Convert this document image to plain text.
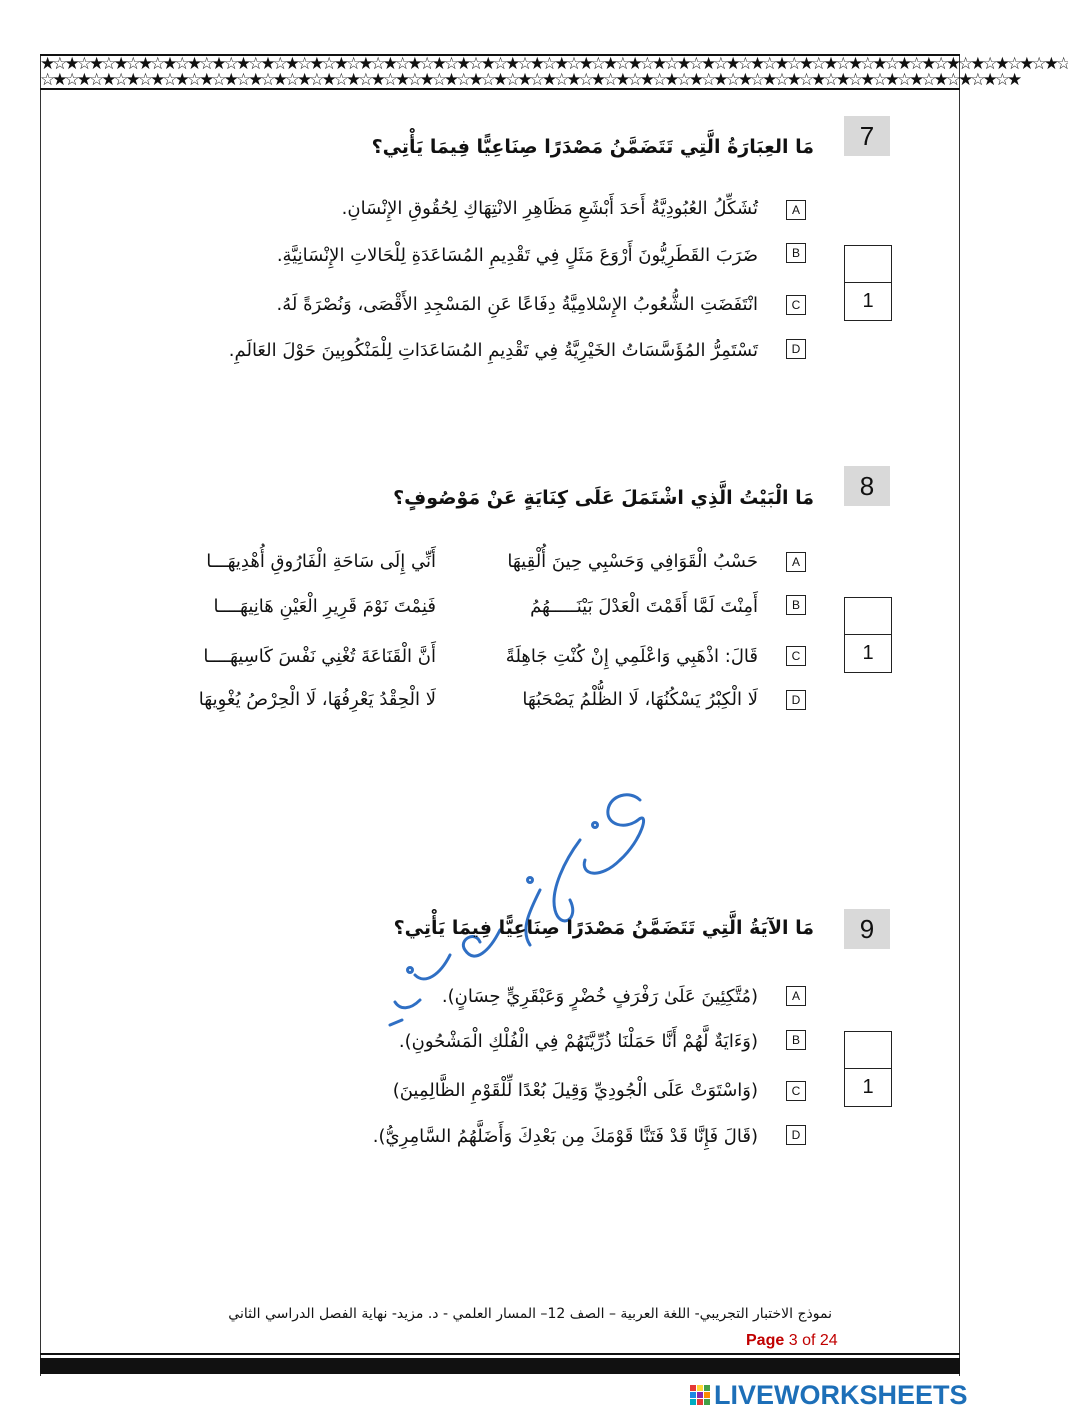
★☆★☆★☆★☆★☆★☆★☆★☆★☆★☆★☆★☆★☆★☆★☆★☆★☆★☆★☆★☆★☆★☆★☆★☆★☆★☆★☆★☆★☆★☆★☆★☆★☆★☆★☆★☆★☆★☆★☆★☆★☆★☆
☆★☆★☆★☆★☆★☆★☆★☆★☆★☆★☆★☆★☆★☆★☆★☆★☆★☆★☆★☆★☆★☆★☆★☆★☆★☆★☆★☆★☆★☆★☆★☆★☆★☆★☆★☆★☆★☆★☆★☆★
7
مَا العِبَارَةُ الَّتِي تَتَضَمَّنُ مَصْدَرًا صِنَاعِيًّا فِيمَا يَأْتِي؟
A
تُشَكِّلُ العُبُودِيَّةُ أَحَدَ أَبْشَعِ مَظَاهِرِ الانْتِهَاكِ لِحُقُوقِ الإِنْسَانِ.
B
ضَرَبَ القَطَرِيُّونَ أَرْوَعَ مَثَلٍ فِي تَقْدِيمِ المُسَاعَدَةِ لِلْحَالاتِ الإِنْسَانِيَّةِ.
C
انْتَفَضَتِ الشُّعُوبُ الإِسْلامِيَّةُ دِفَاعًا عَنِ المَسْجِدِ الأَقْصَى، وَنُصْرَةً لَهُ.
D
تَسْتَمِرُّ المُؤَسَّسَاتُ الخَيْرِيَّةُ فِي تَقْدِيمِ المُسَاعَدَاتِ لِلْمَنْكُوبِينَ حَوْلَ العَالَمِ.
1
8
مَا الْبَيْتُ الَّذِي اشْتَمَلَ عَلَى كِنَايَةٍ عَنْ مَوْصُوفٍ؟
A
حَسْبُ الْقَوَافِي وَحَسْبِي حِينَ أُلْقِيهَا
أَنِّي إِلَى سَاحَةِ الْفَارُوقِ أُهْدِيهَـــا
B
أَمِنْتَ لَمَّا أَقَمْتَ الْعَدْلَ بَيْنَـــــهُمُ
فَنِمْتَ نَوْمَ قَرِيرِ الْعَيْنِ هَانِيهَــــا
C
قَالَ: اذْهَبِي وَاعْلَمِي إِنْ كُنْتِ جَاهِلَةً
أَنَّ الْقَنَاعَةَ تُغْنِي نَفْسَ كَاسِيهَــــا
D
لَا الْكِبْرُ يَسْكُنُهَا، لَا الظُّلْمُ يَصْحَبُهَا
لَا الْحِقْدُ يَعْرِفُهَا، لَا الْحِرْصُ يُغْوِيهَا
1
9
مَا الآيَةُ الَّتِي تَتَضَمَّنُ مَصْدَرًا صِنَاعِيًّا فِيمَا يَأْتِي؟
A
(مُتَّكِئِينَ عَلَىٰ رَفْرَفٍ خُضْرٍ وَعَبْقَرِيٍّ حِسَانٍ).
B
(وَءَايَةٌ لَّهُمْ أَنَّا حَمَلْنَا ذُرِّيَّتَهُمْ فِي الْفُلْكِ الْمَشْحُونِ).
C
(وَاسْتَوَتْ عَلَى الْجُودِيِّ وَقِيلَ بُعْدًا لِّلْقَوْمِ الظَّالِمِينَ)
D
(قَالَ فَإِنَّا قَدْ فَتَنَّا قَوْمَكَ مِن بَعْدِكَ وَأَضَلَّهُمُ السَّامِرِيُّ).
1
نموذج الاختبار التجريبي- اللغة العربية – الصف 12– المسار العلمي - د. مزيد- نهاية الفصل الدراسي الثاني
Page 3 of 24
LIVEWORKSHEETS
